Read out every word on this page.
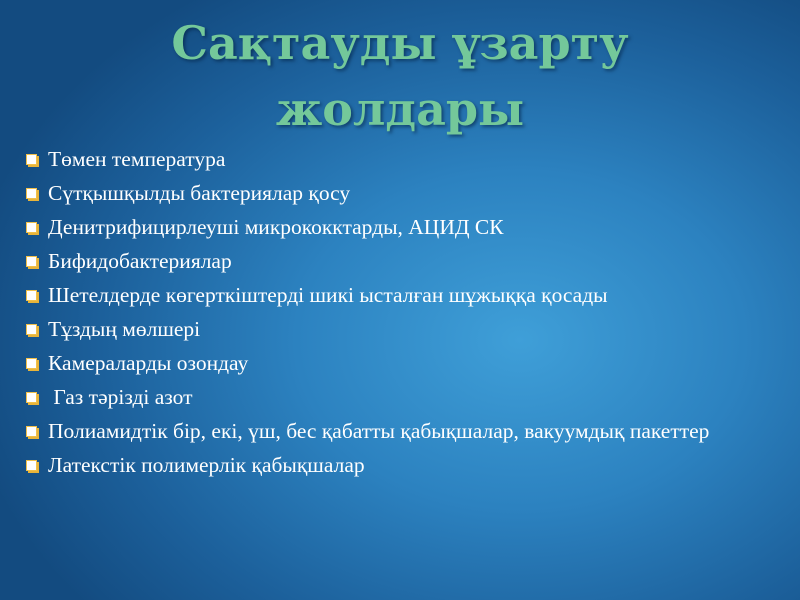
Сақтауды ұзарту
жолдары
Төмен температура
Сүтқышқылды бактериялар қосу
Денитрифицирлеуші микрококктарды, АЦИД СК
Бифидобактериялар
Шетелдерде көгерткіштерді шикі ысталған шұжыққа қосады
Тұздың мөлшері
Камераларды озондау
Газ тәрізді азот
Полиамидтік бір, екі, үш, бес қабатты қабықшалар, вакуумдық пакеттер
Латекстік полимерлік қабықшалар
